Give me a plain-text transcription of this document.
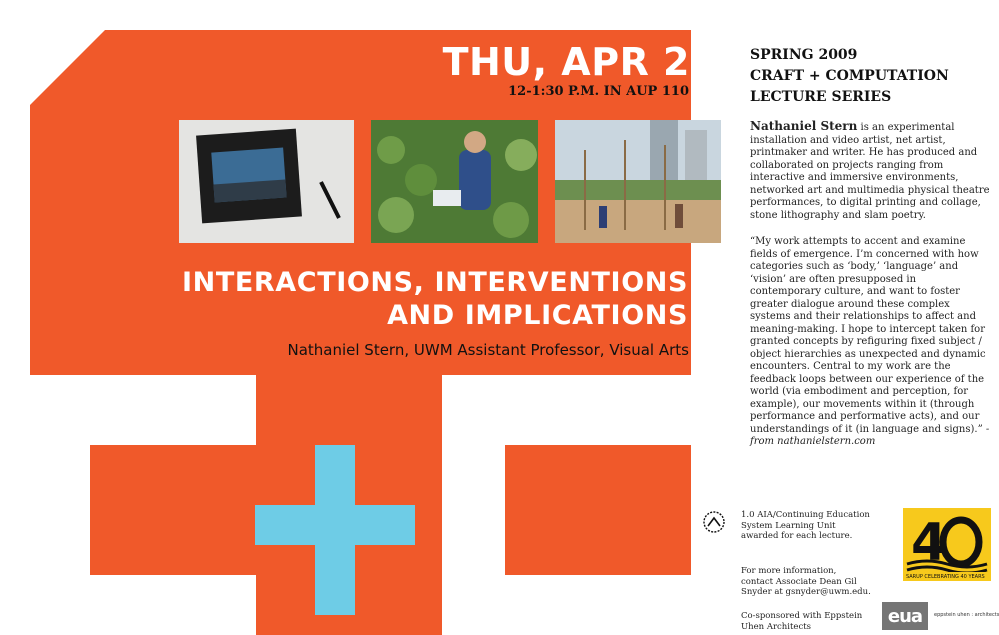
THU, APR 2
12-1:30 P.M. IN AUP 110
INTERACTIONS, INTERVENTIONS
AND IMPLICATIONS
Nathaniel Stern, UWM Assistant Professor, Visual Arts
SPRING 2009
CRAFT + COMPUTATION
LECTURE SERIES
Nathaniel Stern is an experimental installation and video artist, net artist, printmaker and writer. He has produced and collaborated on projects ranging from interactive and immersive environments, networked art and multimedia physical theatre performances, to digital printing and collage, stone lithography and slam poetry.
“My work attempts to accent and examine fields of emergence. I’m concerned with how categories such as ‘body,’ ‘language’ and ‘vision’ are often presupposed in contemporary culture, and want to foster greater dialogue around these complex systems and their relationships to affect and meaning-making. I hope to intercept taken for granted concepts by refiguring fixed subject / object hierarchies as unexpected and dynamic encounters. Central to my work are the feedback loops between our experience of the world (via embodiment and perception, for example), our movements within it (through performance and performative acts), and our understandings of it (in language and signs).” - from nathanielstern.com
1.0 AIA/Continuing Education System Learning Unit awarded for each lecture.
For more information, contact Associate Dean Gil Snyder at gsnyder@uwm.edu.
Co-sponsored with Eppstein Uhen Architects
4
SARUP CELEBRATING 40 YEARS
eua	eppstein uhen : architects
